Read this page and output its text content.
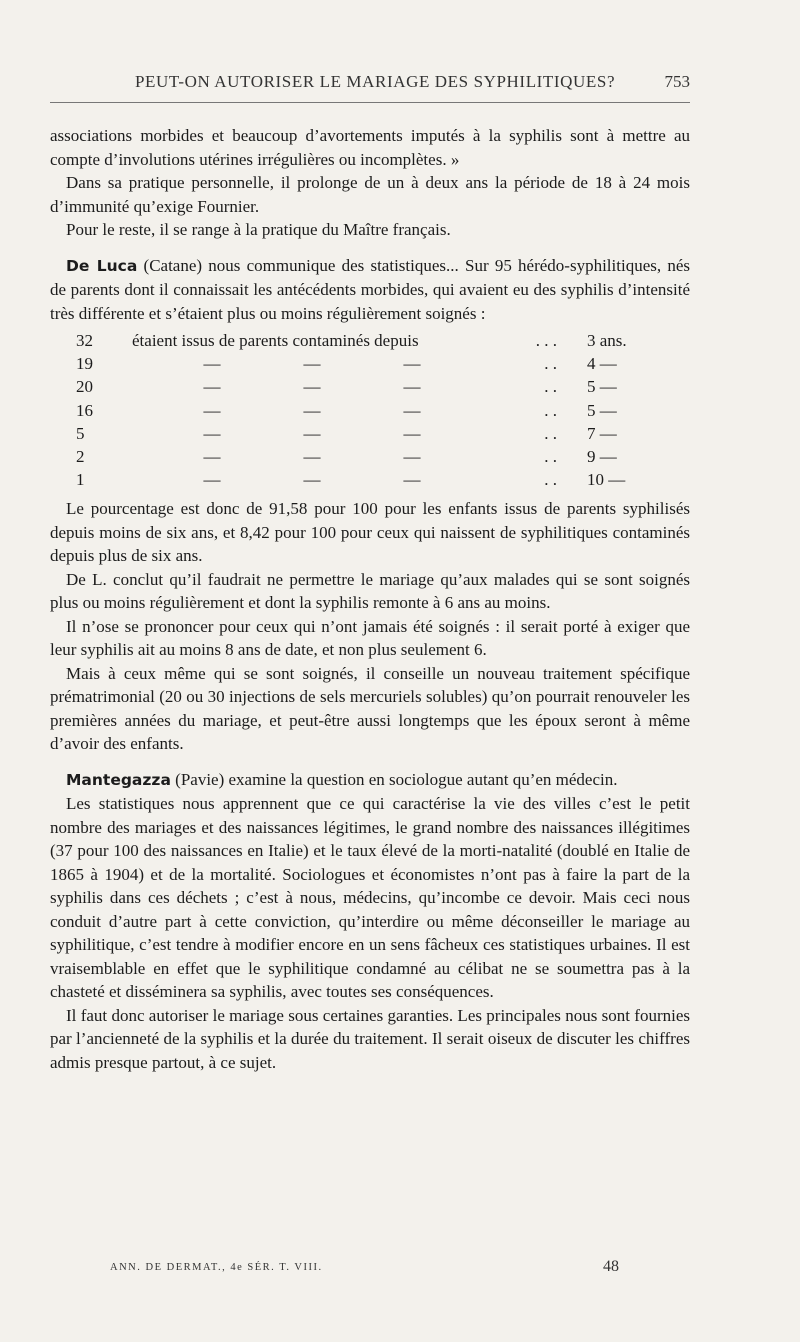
PEUT-ON AUTORISER LE MARIAGE DES SYPHILITIQUES?	753

associations morbides et beaucoup d’avortements imputés à la syphilis sont à mettre au compte d’involutions utérines irrégulières ou incomplètes. »

Dans sa pratique personnelle, il prolonge de un à deux ans la période de 18 à 24 mois d’immunité qu’exige Fournier.

Pour le reste, il se range à la pratique du Maître français.

De Luca (Catane) nous communique des statistiques... Sur 95 hérédo-syphilitiques, nés de parents dont il connaissait les antécédents morbides, qui avaient eu des syphilis d’intensité très différente et s’étaient plus ou moins régulièrement soignés :

32	étaient issus de parents contaminés depuis	. . .	3 ans.
19	— — —	. .	4 —
20	— — —	. .	5 —
16	— — —	. .	5 —
5	— — —	. .	7 —
2	— — —	. .	9 —
1	— — —	. .	10 —

Le pourcentage est donc de 91,58 pour 100 pour les enfants issus de parents syphilisés depuis moins de six ans, et 8,42 pour 100 pour ceux qui naissent de syphilitiques contaminés depuis plus de six ans.

De L. conclut qu’il faudrait ne permettre le mariage qu’aux malades qui se sont soignés plus ou moins régulièrement et dont la syphilis remonte à 6 ans au moins.

Il n’ose se prononcer pour ceux qui n’ont jamais été soignés : il serait porté à exiger que leur syphilis ait au moins 8 ans de date, et non plus seulement 6.

Mais à ceux même qui se sont soignés, il conseille un nouveau traitement spécifique prématrimonial (20 ou 30 injections de sels mercuriels solubles) qu’on pourrait renouveler les premières années du mariage, et peut-être aussi longtemps que les époux seront à même d’avoir des enfants.

Mantegazza (Pavie) examine la question en sociologue autant qu’en médecin.

Les statistiques nous apprennent que ce qui caractérise la vie des villes c’est le petit nombre des mariages et des naissances légitimes, le grand nombre des naissances illégitimes (37 pour 100 des naissances en Italie) et le taux élevé de la morti-natalité (doublé en Italie de 1865 à 1904) et de la mortalité. Sociologues et économistes n’ont pas à faire la part de la syphilis dans ces déchets ; c’est à nous, médecins, qu’incombe ce devoir. Mais ceci nous conduit d’autre part à cette conviction, qu’interdire ou même déconseiller le mariage au syphilitique, c’est tendre à modifier encore en un sens fâcheux ces statistiques urbaines. Il est vraisemblable en effet que le syphilitique condamné au célibat ne se soumettra pas à la chasteté et disséminera sa syphilis, avec toutes ses conséquences.

Il faut donc autoriser le mariage sous certaines garanties. Les principales nous sont fournies par l’ancienneté de la syphilis et la durée du traitement. Il serait oiseux de discuter les chiffres admis presque partout, à ce sujet.

ANN. DE DERMAT., 4e SÉR. T. VIII.	48
